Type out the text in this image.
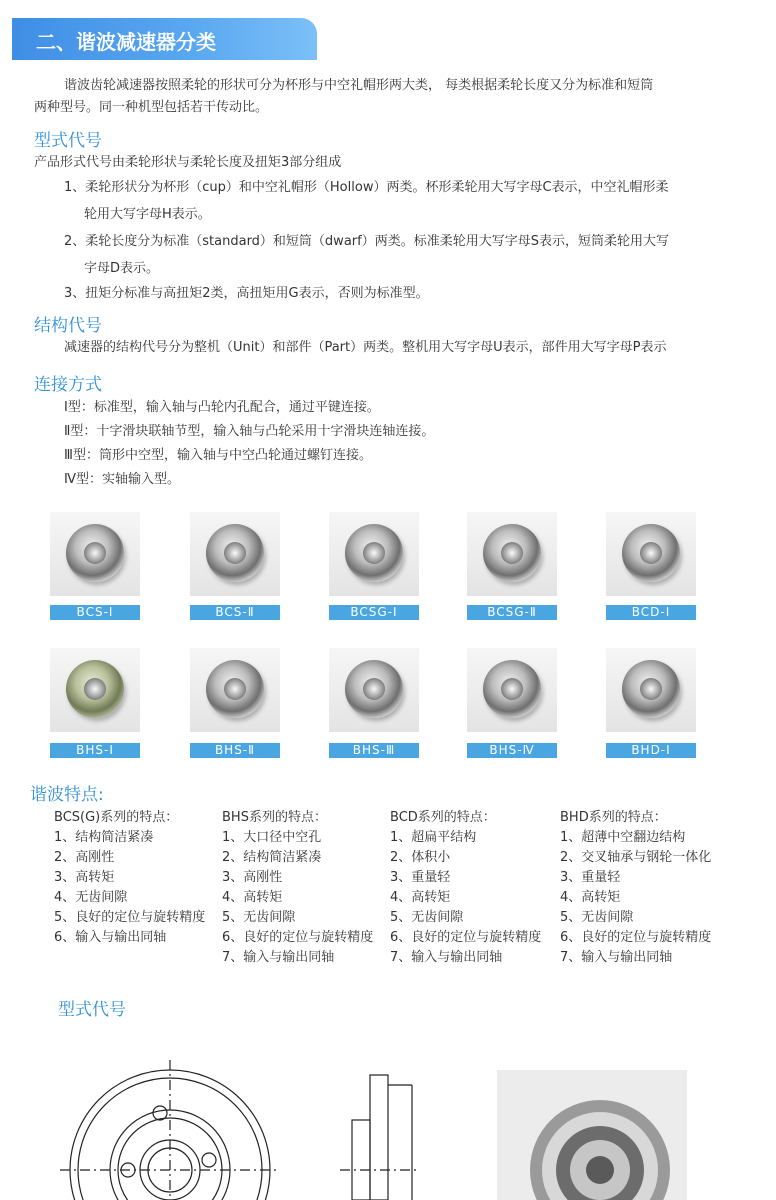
二、谐波减速器分类
谐波齿轮减速器按照柔轮的形状可分为杯形与中空礼帽形两大类， 每类根据柔轮长度又分为标准和短筒
两种型号。同一种机型包括若干传动比。
型式代号
产品形式代号由柔轮形状与柔轮长度及扭矩3部分组成
1、柔轮形状分为杯形（cup）和中空礼帽形（Hollow）两类。杯形柔轮用大写字母C表示，中空礼帽形柔
轮用大写字母H表示。
2、柔轮长度分为标准（standard）和短筒（dwarf）两类。标准柔轮用大写字母S表示，短筒柔轮用大写
字母D表示。
3、扭矩分标准与高扭矩2类，高扭矩用G表示，否则为标准型。
结构代号
减速器的结构代号分为整机（Unit）和部件（Part）两类。整机用大写字母U表示，部件用大写字母P表示
连接方式
Ⅰ型：标准型，输入轴与凸轮内孔配合，通过平键连接。
Ⅱ型：十字滑块联轴节型，输入轴与凸轮采用十字滑块连轴连接。
Ⅲ型：筒形中空型，输入轴与中空凸轮通过螺钉连接。
Ⅳ型：实轴输入型。
BCS-Ⅰ	BCS-Ⅱ	BCSG-Ⅰ	BCSG-Ⅱ	BCD-Ⅰ
BHS-Ⅰ	BHS-Ⅱ	BHS-Ⅲ	BHS-Ⅳ	BHD-Ⅰ
谐波特点:
BCS(G)系列的特点：
1、结构简洁紧凑
2、高刚性
3、高转矩
4、无齿间隙
5、良好的定位与旋转精度
6、输入与输出同轴
BHS系列的特点：
1、大口径中空孔
2、结构简洁紧凑
3、高刚性
4、高转矩
5、无齿间隙
6、良好的定位与旋转精度
7、输入与输出同轴
BCD系列的特点：
1、超扁平结构
2、体积小
3、重量轻
4、高转矩
5、无齿间隙
6、良好的定位与旋转精度
7、输入与输出同轴
BHD系列的特点：
1、超薄中空翻边结构
2、交叉轴承与钢轮一体化
3、重量轻
4、高转矩
5、无齿间隙
6、良好的定位与旋转精度
7、输入与输出同轴
型式代号
